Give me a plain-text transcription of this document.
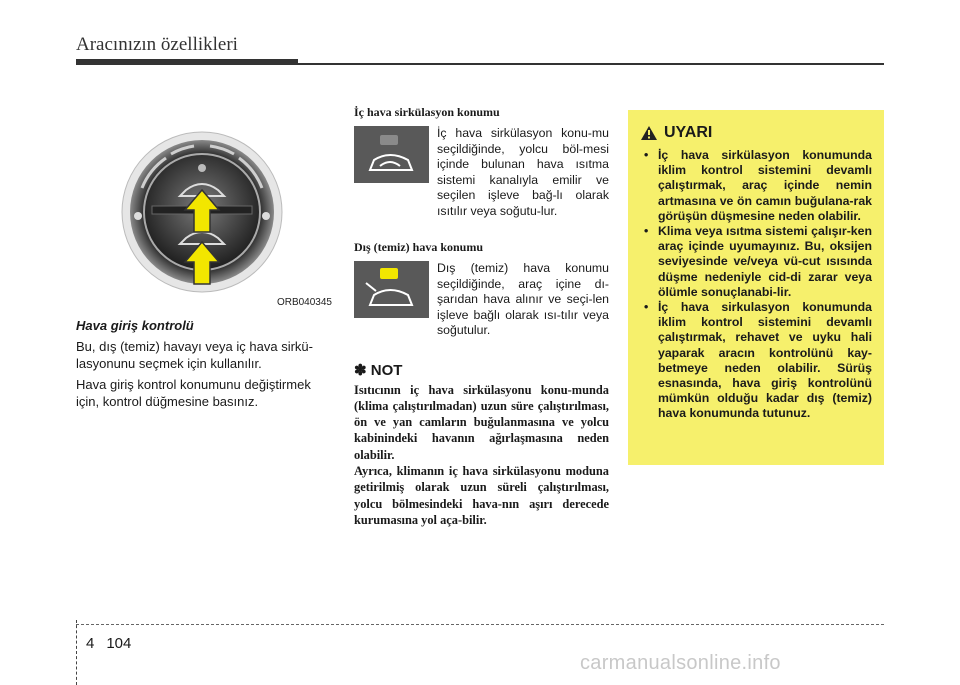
Aracınızın özellikleri
ORB040345

Hava giriş kontrolü

Bu, dış (temiz) havayı veya iç hava sirkü-lasyonunu seçmek için kullanılır.

Hava giriş kontrol konumunu değiştirmek için, kontrol düğmesine basınız.

İç hava sirkülasyon konumu
İç hava sirkülasyon konu-mu seçildiğinde, yolcu böl-mesi içinde bulunan hava ısıtma sistemi kanalıyla emilir ve seçilen işleve bağ-lı olarak ısıtılır veya soğutu-lur.
Dış (temiz) hava konumu
Dış (temiz) hava konumu seçildiğinde, araç içine dı-şarıdan hava alınır ve seçi-len işleve bağlı olarak ısı-tılır veya soğutulur.
✽ NOT

Isıtıcının iç hava sirkülasyonu konu-munda (klima çalıştırılmadan) uzun süre çalıştırılması, ön ve yan camların buğulanmasına ve yolcu kabinindeki havanın ağırlaşmasına neden olabilir.

Ayrıca, klimanın iç hava sirkülasyonu moduna getirilmiş olarak uzun süreli çalıştırılması, yolcu bölmesindeki hava-nın aşırı derecede kurumasına yol aça-bilir.

UYARI
• İç hava sirkülasyon konumunda iklim kontrol sistemini devamlı çalıştırmak, araç içinde nemin artmasına ve ön camın buğulana-rak görüşün düşmesine neden olabilir.
• Klima veya ısıtma sistemi çalışır-ken araç içinde uyumayınız. Bu, oksijen seviyesinde ve/veya vü-cut ısısında düşme nedeniyle cid-di zarar veya ölümle sonuçlanabi-lir.
• İç hava sirkulasyon konumunda iklim kontrol sistemini devamlı çalıştırmak, rehavet ve uyku hali yaparak aracın kontrolünü kay-betmeye neden olabilir. Sürüş esnasında, hava giriş kontrolünü mümkün olduğu kadar dış (temiz) hava konumunda tutunuz.
4 104
carmanualsonline.info
